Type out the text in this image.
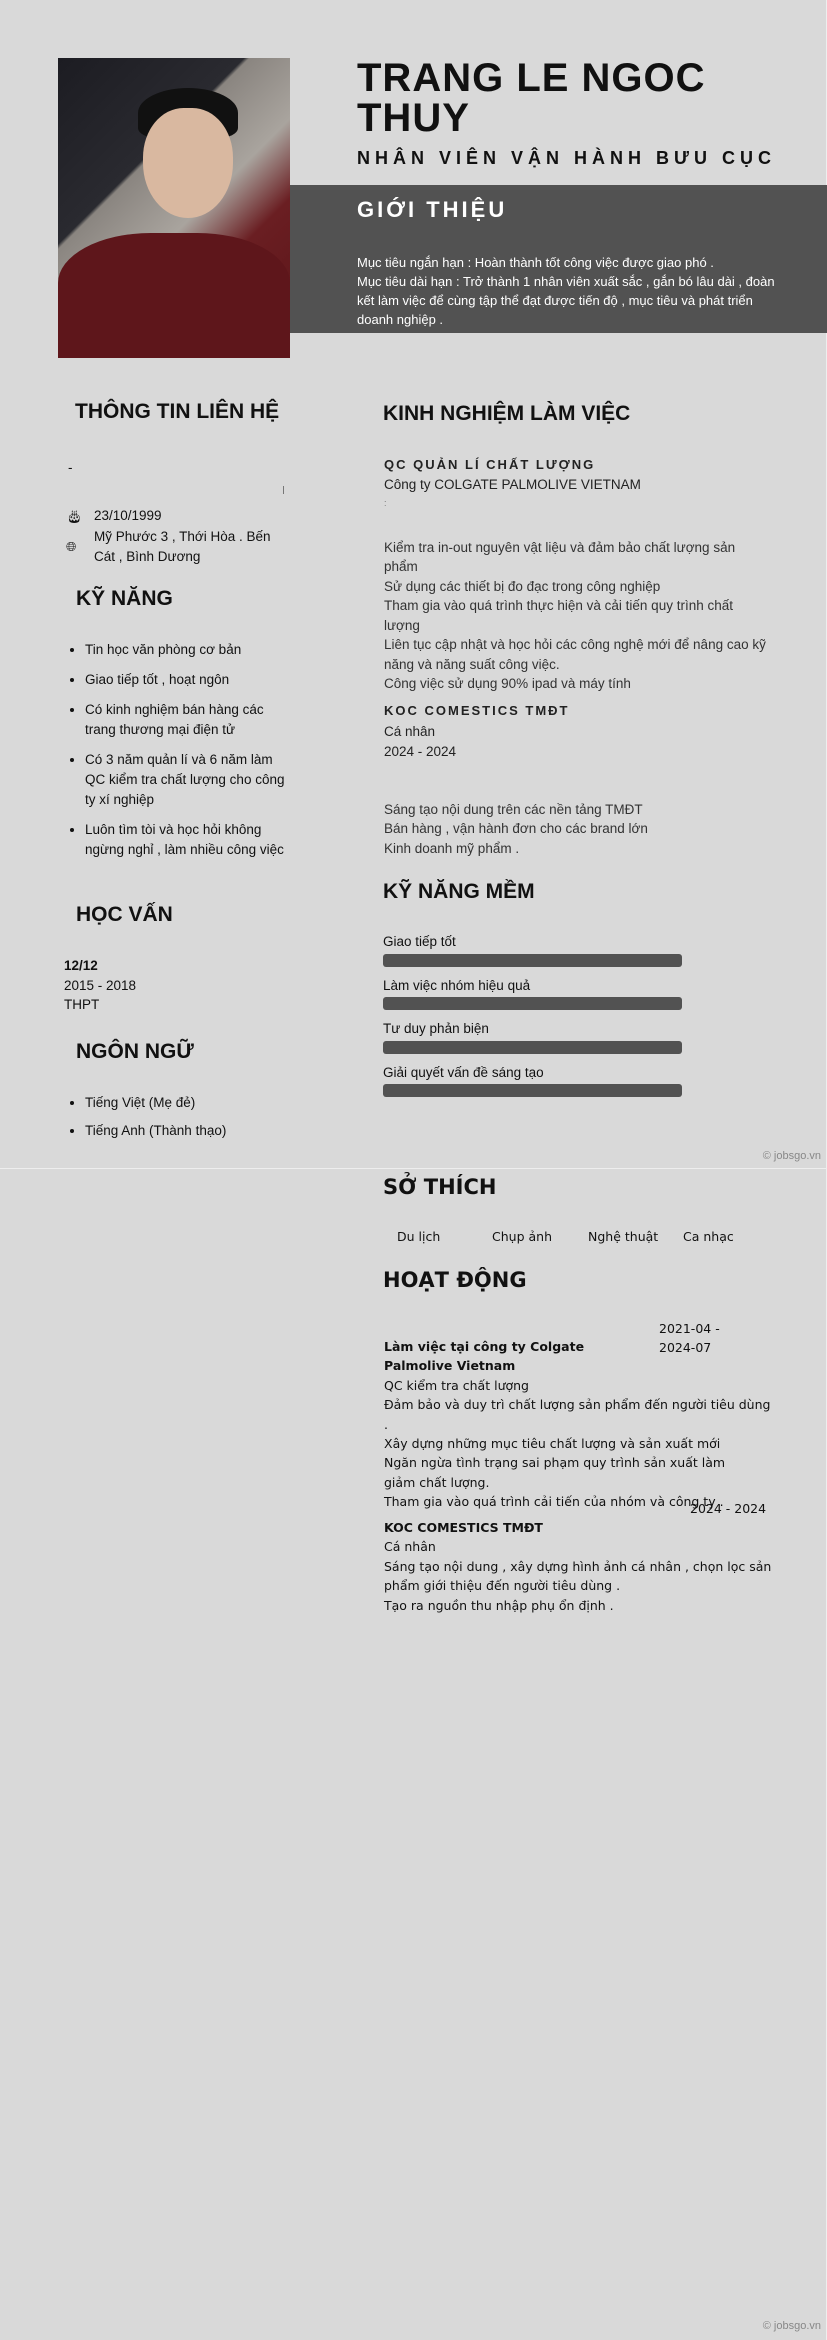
TRANG LE NGOC THUY
NHÂN VIÊN VẬN HÀNH BƯU CỤC
GIỚI THIỆU
Mục tiêu ngắn hạn : Hoàn thành tốt công việc được giao phó .
Mục tiêu dài hạn : Trở thành 1 nhân viên xuất sắc , gắn bó lâu dài , đoàn kết làm việc để cùng tập thể đạt được tiến độ , mục tiêu và phát triển doanh nghiệp .
THÔNG TIN LIÊN HỆ
-
🎂︎ 23/10/1999
🌐︎
Mỹ Phước 3 , Thới Hòa . Bến Cát , Bình Dương
KỸ NĂNG
• Tin học văn phòng cơ bản
• Giao tiếp tốt , hoạt ngôn
• Có kinh nghiệm bán hàng các trang thương mại điện tử
• Có 3 năm quản lí và 6 năm làm QC kiểm tra chất lượng cho công ty xí nghiệp
• Luôn tìm tòi và học hỏi không ngừng nghỉ , làm nhiều công việc
HỌC VẤN
12/12
2015 - 2018
THPT
NGÔN NGỮ
• Tiếng Việt (Mẹ đẻ)
• Tiếng Anh (Thành thạo)
KINH NGHIỆM LÀM VIỆC
QC QUẢN LÍ CHẤT LƯỢNG
Công ty COLGATE PALMOLIVE VIETNAM
:
Kiểm tra in-out nguyên vật liệu và đảm bảo chất lượng sản phẩm
Sử dụng các thiết bị đo đạc trong công nghiệp
Tham gia vào quá trình thực hiện và cải tiến quy trình chất lượng
Liên tục cập nhật và học hỏi các công nghệ mới để nâng cao kỹ năng và năng suất công việc.
Công việc sử dụng 90% ipad và máy tính
KOC COMESTICS TMĐT
Cá nhân
2024 - 2024
Sáng tạo nội dung trên các nền tảng TMĐT
Bán hàng , vận hành đơn cho các brand lớn
Kinh doanh mỹ phẩm .
KỸ NĂNG MỀM
Giao tiếp tốt
Làm việc nhóm hiệu quả
Tư duy phản biện
Giải quyết vấn đề sáng tạo
© jobsgo.vn
SỞ THÍCH
Du lịch	Chụp ảnh	Nghệ thuật Ca nhạc
HOẠT ĐỘNG
2021-04 - 2024-07
Làm việc tại công ty Colgate Palmolive Vietnam
QC kiểm tra chất lượng
Đảm bảo và duy trì chất lượng sản phẩm đến người tiêu dùng .
Xây dựng những mục tiêu chất lượng và sản xuất mới
Ngăn ngừa tình trạng sai phạm quy trình sản xuất làm giảm chất lượng.
Tham gia vào quá trình cải tiến của nhóm và công ty .
2024 - 2024
KOC COMESTICS TMĐT
Cá nhân
Sáng tạo nội dung , xây dựng hình ảnh cá nhân , chọn lọc sản phẩm giới thiệu đến người tiêu dùng .
Tạo ra nguồn thu nhập phụ ổn định .
© jobsgo.vn
